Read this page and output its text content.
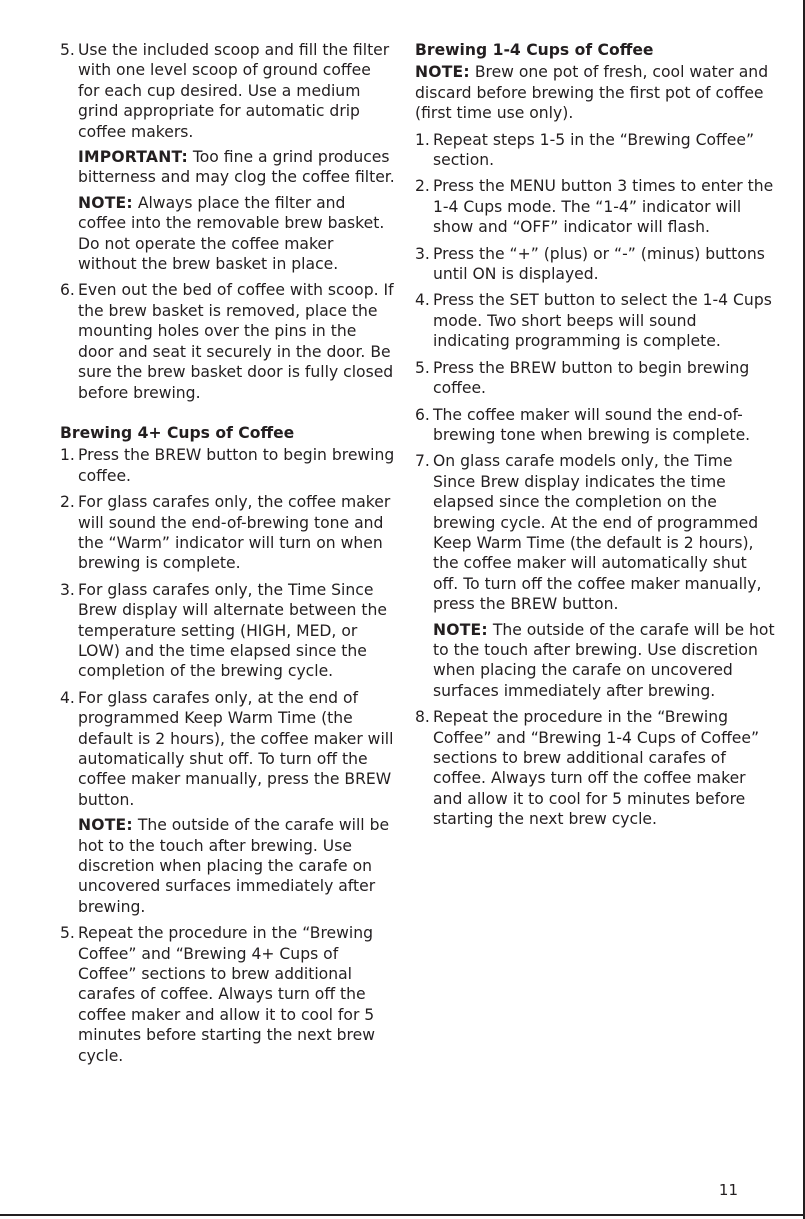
5. Use the included scoop and fill the filter with one level scoop of ground coffee for each cup desired. Use a medium grind appropriate for automatic drip coffee makers.

IMPORTANT: Too fine a grind produces bitterness and may clog the coffee filter.

NOTE: Always place the filter and coffee into the removable brew basket. Do not operate the coffee maker without the brew basket in place.

6. Even out the bed of coffee with scoop. If the brew basket is removed, place the mounting holes over the pins in the door and seat it securely in the door. Be sure the brew basket door is fully closed before brewing.

Brewing 4+ Cups of Coffee
1. Press the BREW button to begin brewing coffee.

2. For glass carafes only, the coffee maker will sound the end-of-brewing tone and the “Warm” indicator will turn on when brewing is complete.

3. For glass carafes only, the Time Since Brew display will alternate between the temperature setting (HIGH, MED, or LOW) and the time elapsed since the completion of the brewing cycle.

4. For glass carafes only, at the end of programmed Keep Warm Time (the default is 2 hours), the coffee maker will automatically shut off. To turn off the coffee maker manually, press the BREW button.

NOTE: The outside of the carafe will be hot to the touch after brewing. Use discretion when placing the carafe on uncovered surfaces immediately after brewing.

5. Repeat the procedure in the “Brewing Coffee” and “Brewing 4+ Cups of Coffee” sections to brew additional carafes of coffee. Always turn off the coffee maker and allow it to cool for 5 minutes before starting the next brew cycle.

Brewing 1-4 Cups of Coffee

NOTE: Brew one pot of fresh, cool water and discard before brewing the first pot of coffee (first time use only).

1. Repeat steps 1-5 in the “Brewing Coffee” section.

2. Press the MENU button 3 times to enter the 1-4 Cups mode. The “1-4” indicator will show and “OFF” indicator will flash.

3. Press the “+” (plus) or “-” (minus) buttons until ON is displayed.

4. Press the SET button to select the 1-4 Cups mode. Two short beeps will sound indicating programming is complete.

5. Press the BREW button to begin brewing coffee.

6. The coffee maker will sound the end-of-brewing tone when brewing is complete.

7. On glass carafe models only, the Time Since Brew display indicates the time elapsed since the completion on the brewing cycle. At the end of programmed Keep Warm Time (the default is 2 hours), the coffee maker will automatically shut off. To turn off the coffee maker manually, press the BREW button.

NOTE: The outside of the carafe will be hot to the touch after brewing. Use discretion when placing the carafe on uncovered surfaces immediately after brewing.

8. Repeat the procedure in the “Brewing Coffee” and “Brewing 1-4 Cups of Coffee” sections to brew additional carafes of coffee. Always turn off the coffee maker and allow it to cool for 5 minutes before starting the next brew cycle.

11
